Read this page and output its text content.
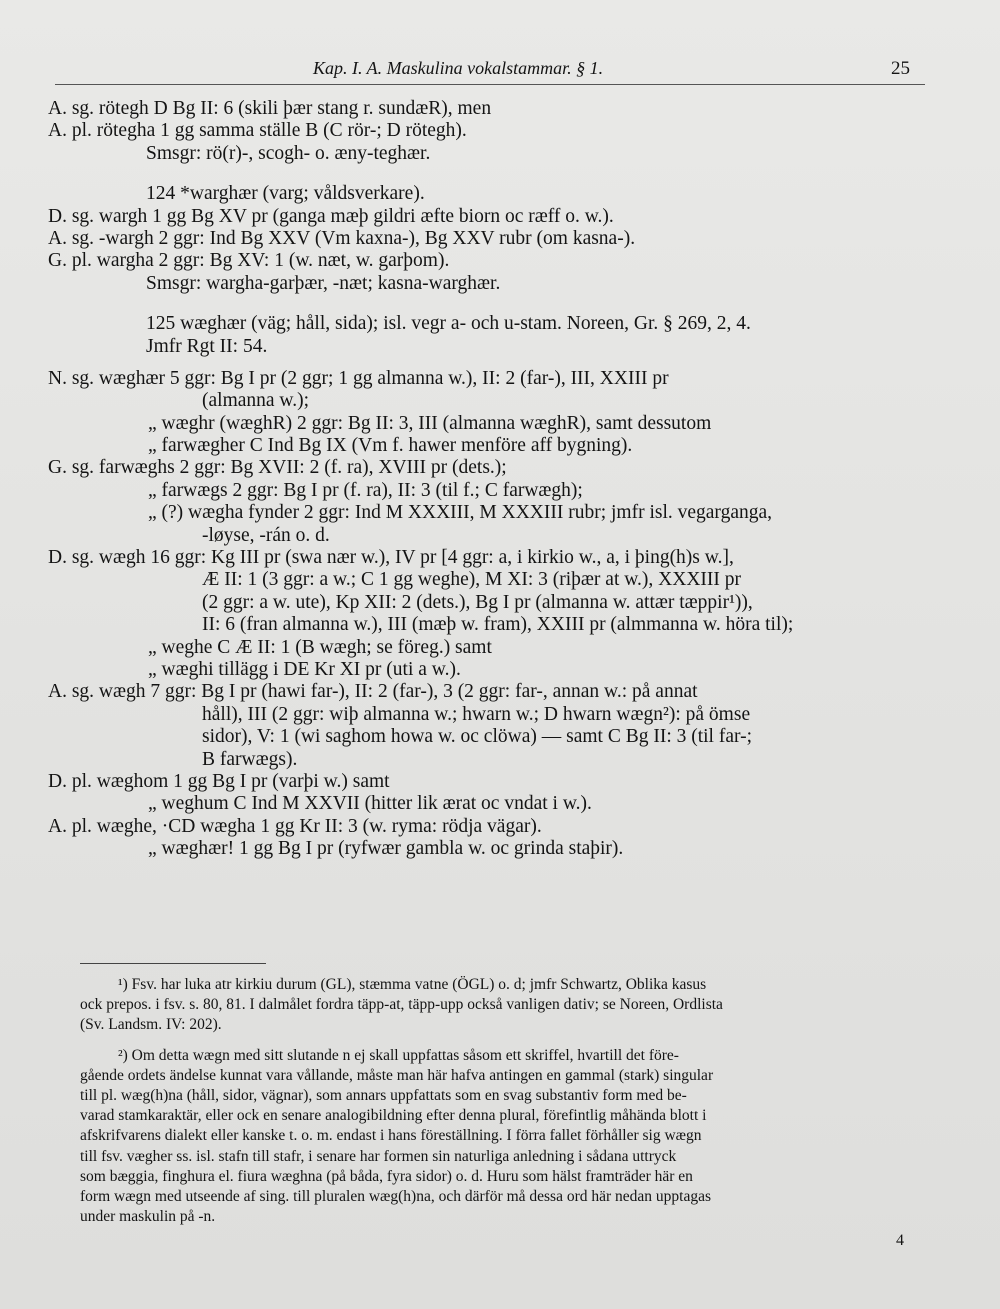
Kap. I. A. Maskulina vokalstammar. § 1.	25
A. sg. rötegh D Bg II: 6 (skili þær stang r. sundæR), men
A. pl. rötegha 1 gg samma ställe B (C rör-; D rötegh).
Smsgr: rö(r)-, scogh- o. æny-teghær.
124 *warghær (varg; våldsverkare).
D. sg. wargh 1 gg Bg XV pr (ganga mæþ gildri æfte biorn oc ræff o. w.).
A. sg. -wargh 2 ggr: Ind Bg XXV (Vm kaxna-), Bg XXV rubr (om kasna-).
G. pl. wargha 2 ggr: Bg XV: 1 (w. næt, w. garþom).
Smsgr: wargha-garþær, -næt; kasna-warghær.
125 wæghær (väg; håll, sida); isl. vegr a- och u-stam. Noreen, Gr. § 269, 2, 4.
Jmfr Rgt II: 54.
N. sg. wæghær 5 ggr: Bg I pr (2 ggr; 1 gg almanna w.), II: 2 (far-), III, XXIII pr
(almanna w.);
„ wæghr (wæghR) 2 ggr: Bg II: 3, III (almanna wæghR), samt dessutom
„ farwægher C Ind Bg IX (Vm f. hawer menföre aff bygning).
G. sg. farwæghs 2 ggr: Bg XVII: 2 (f. ra), XVIII pr (dets.);
„ farwægs 2 ggr: Bg I pr (f. ra), II: 3 (til f.; C farwægh);
„ (?) wægha fynder 2 ggr: Ind M XXXIII, M XXXIII rubr; jmfr isl. vegarganga,
-løyse, -rán o. d.
D. sg. wægh 16 ggr: Kg III pr (swa nær w.), IV pr [4 ggr: a, i kirkio w., a, i þing(h)s w.],
Æ II: 1 (3 ggr: a w.; C 1 gg weghe), M XI: 3 (riþær at w.), XXXIII pr
(2 ggr: a w. ute), Kp XII: 2 (dets.), Bg I pr (almanna w. attær tæppir¹)),
II: 6 (fran almanna w.), III (mæþ w. fram), XXIII pr (almmanna w. höra til);
„ weghe C Æ II: 1 (B wægh; se föreg.) samt
„ wæghi tillägg i DE Kr XI pr (uti a w.).
A. sg. wægh 7 ggr: Bg I pr (hawi far-), II: 2 (far-), 3 (2 ggr: far-, annan w.: på annat
håll), III (2 ggr: wiþ almanna w.; hwarn w.; D hwarn wægn²): på ömse
sidor), V: 1 (wi saghom howa w. oc clöwa) — samt C Bg II: 3 (til far-;
B farwægs).
D. pl. wæghom 1 gg Bg I pr (varþi w.) samt
„ weghum C Ind M XXVII (hitter lik ærat oc vndat i w.).
A. pl. wæghe, ·CD wægha 1 gg Kr II: 3 (w. ryma: rödja vägar).
„ wæghær! 1 gg Bg I pr (ryfwær gambla w. oc grinda staþir).
¹) Fsv. har luka atr kirkiu durum (GL), stæmma vatne (ÖGL) o. d; jmfr Schwartz, Oblika kasus
ock prepos. i fsv. s. 80, 81. I dalmålet fordra täpp-at, täpp-upp också vanligen dativ; se Noreen, Ordlista
(Sv. Landsm. IV: 202).
²) Om detta wægn med sitt slutande n ej skall uppfattas såsom ett skriffel, hvartill det före-
gående ordets ändelse kunnat vara vållande, måste man här hafva antingen en gammal (stark) singular
till pl. wæg(h)na (håll, sidor, vägnar), som annars uppfattats som en svag substantiv form med be-
varad stamkaraktär, eller ock en senare analogibildning efter denna plural, förefintlig måhända blott i
afskrifvarens dialekt eller kanske t. o. m. endast i hans föreställning. I förra fallet förhåller sig wægn
till fsv. vægher ss. isl. stafn till stafr, i senare har formen sin naturliga anledning i sådana uttryck
som bæggia, finghura el. fiura wæghna (på båda, fyra sidor) o. d. Huru som hälst framträder här en
form wægn med utseende af sing. till pluralen wæg(h)na, och därför må dessa ord här nedan upptagas
under maskulin på -n.
4
